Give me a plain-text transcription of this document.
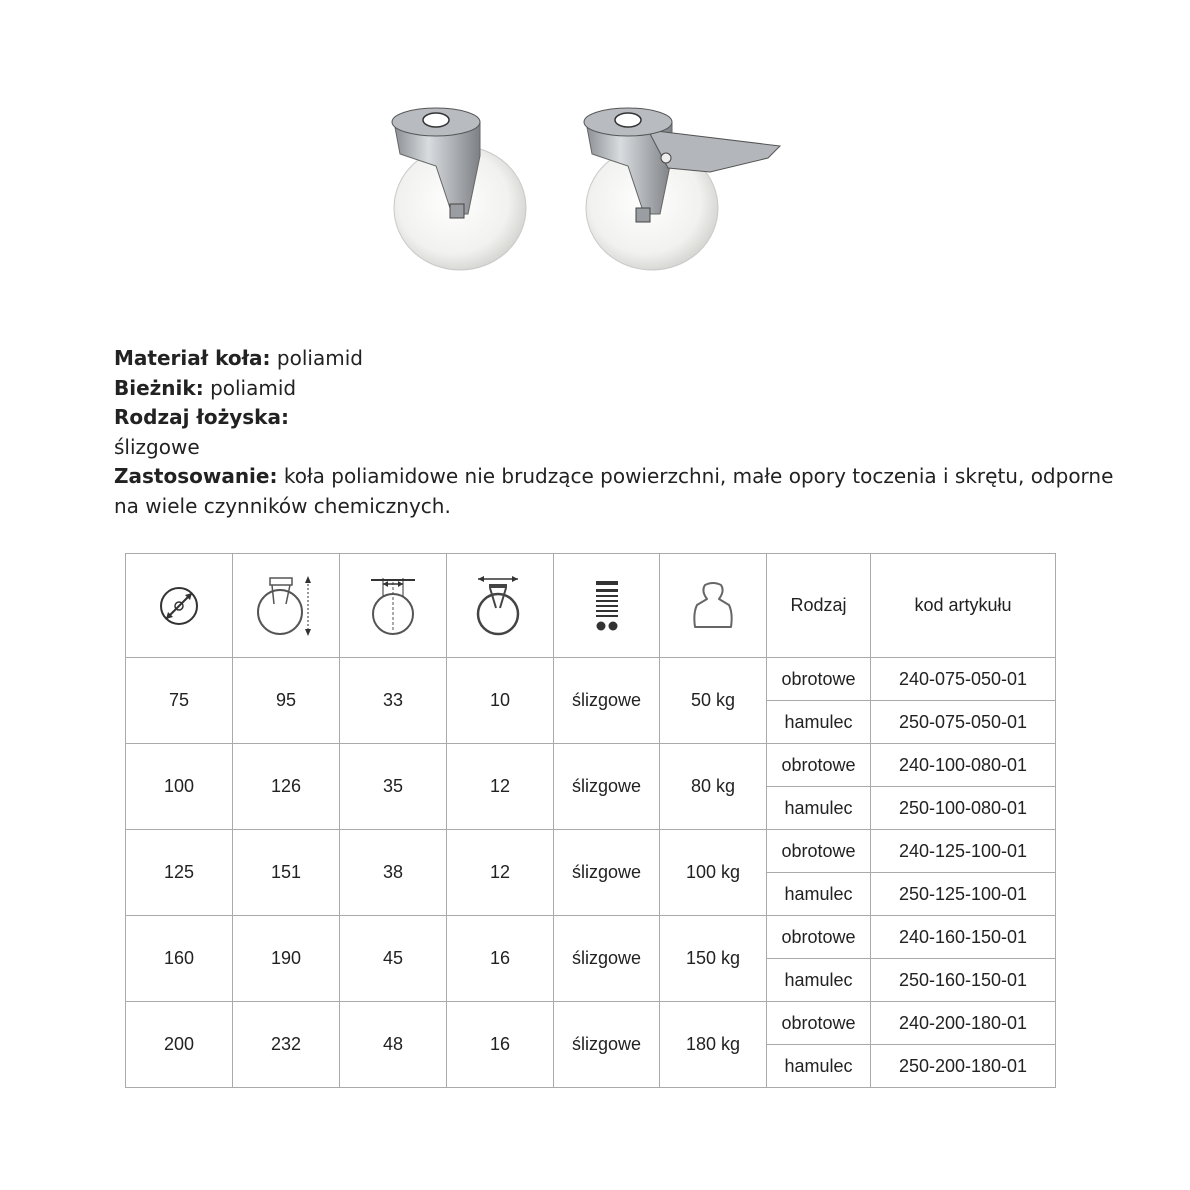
Materiał koła: poliamid
Bieżnik: poliamid
Rodzaj łożyska:
ślizgowe
Zastosowanie: koła poliamidowe nie brudzące powierzchni, małe opory toczenia i skrętu, odporne na wiele czynników chemicznych.
						Rodzaj	kod artykułu
75	95	33	10	ślizgowe	50 kg	obrotowe	240-075-050-01
						hamulec	250-075-050-01
100	126	35	12	ślizgowe	80 kg	obrotowe	240-100-080-01
						hamulec	250-100-080-01
125	151	38	12	ślizgowe	100 kg	obrotowe	240-125-100-01
						hamulec	250-125-100-01
160	190	45	16	ślizgowe	150 kg	obrotowe	240-160-150-01
						hamulec	250-160-150-01
200	232	48	16	ślizgowe	180 kg	obrotowe	240-200-180-01
						hamulec	250-200-180-01
